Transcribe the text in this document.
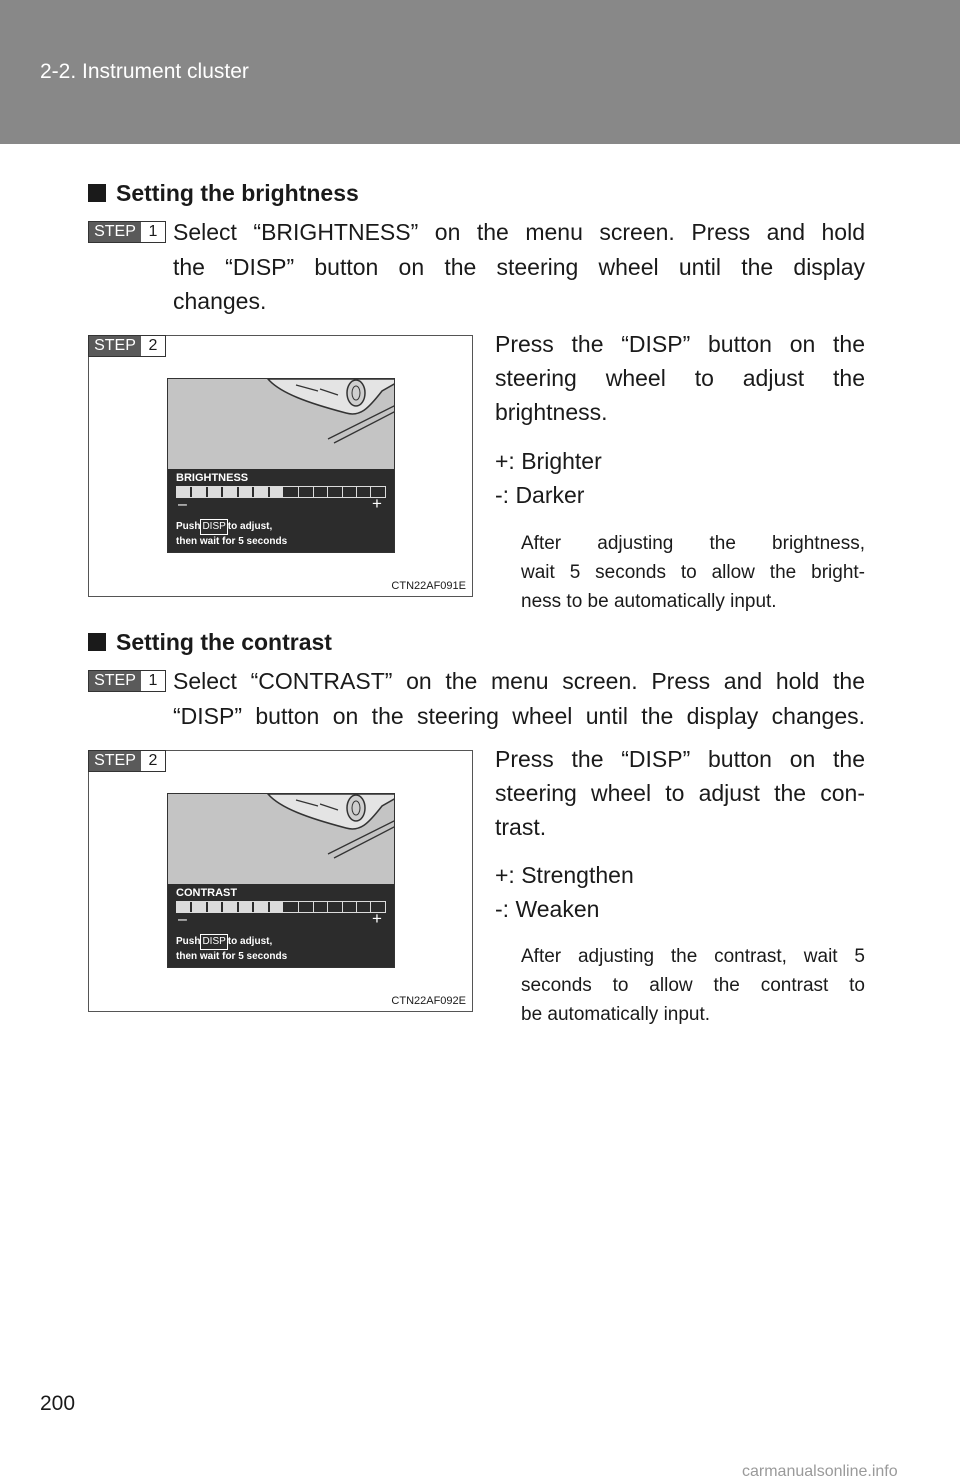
2-2. Instrument cluster
Setting the brightness
STEP 1 Select “BRIGHTNESS” on the menu screen. Press and hold
the “DISP” button on the steering wheel until the display
changes.
STEP 2
BRIGHTNESS
–	+
Push DISP to adjust,
then wait for 5 seconds
CTN22AF091E
Press the “DISP” button on the
steering wheel to adjust the
brightness.
+: Brighter
-: Darker
After adjusting the brightness,
wait 5 seconds to allow the bright-
ness to be automatically input.
Setting the contrast
STEP 1 Select “CONTRAST” on the menu screen. Press and hold the
“DISP” button on the steering wheel until the display changes.
STEP 2
CONTRAST
–	+
Push DISP to adjust,
then wait for 5 seconds
CTN22AF092E
Press the “DISP” button on the
steering wheel to adjust the con-
trast.
+: Strengthen
-: Weaken
After adjusting the contrast, wait 5
seconds to allow the contrast to
be automatically input.
200
carmanualsonline.info
